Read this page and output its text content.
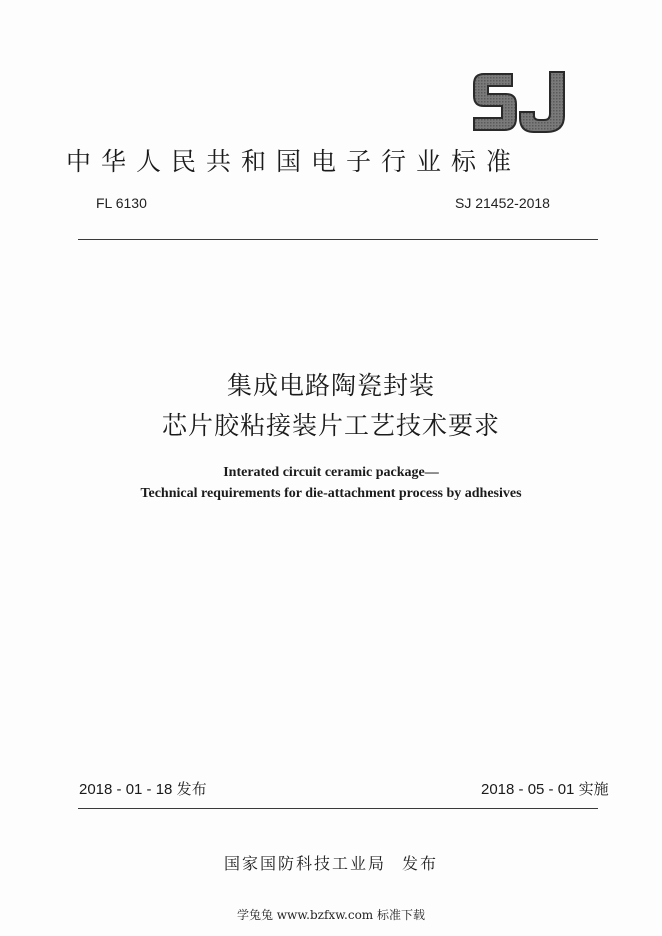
中华人民共和国电子行业标准
FL 6130	SJ 21452-2018
集成电路陶瓷封装
芯片胶粘接装片工艺技术要求
Interated circuit ceramic package—
Technical requirements for die-attachment process by adhesives
2018 - 01 - 18 发布	2018 - 05 - 01 实施
国家国防科技工业局 发布
学兔兔 www.bzfxw.com 标准下载
